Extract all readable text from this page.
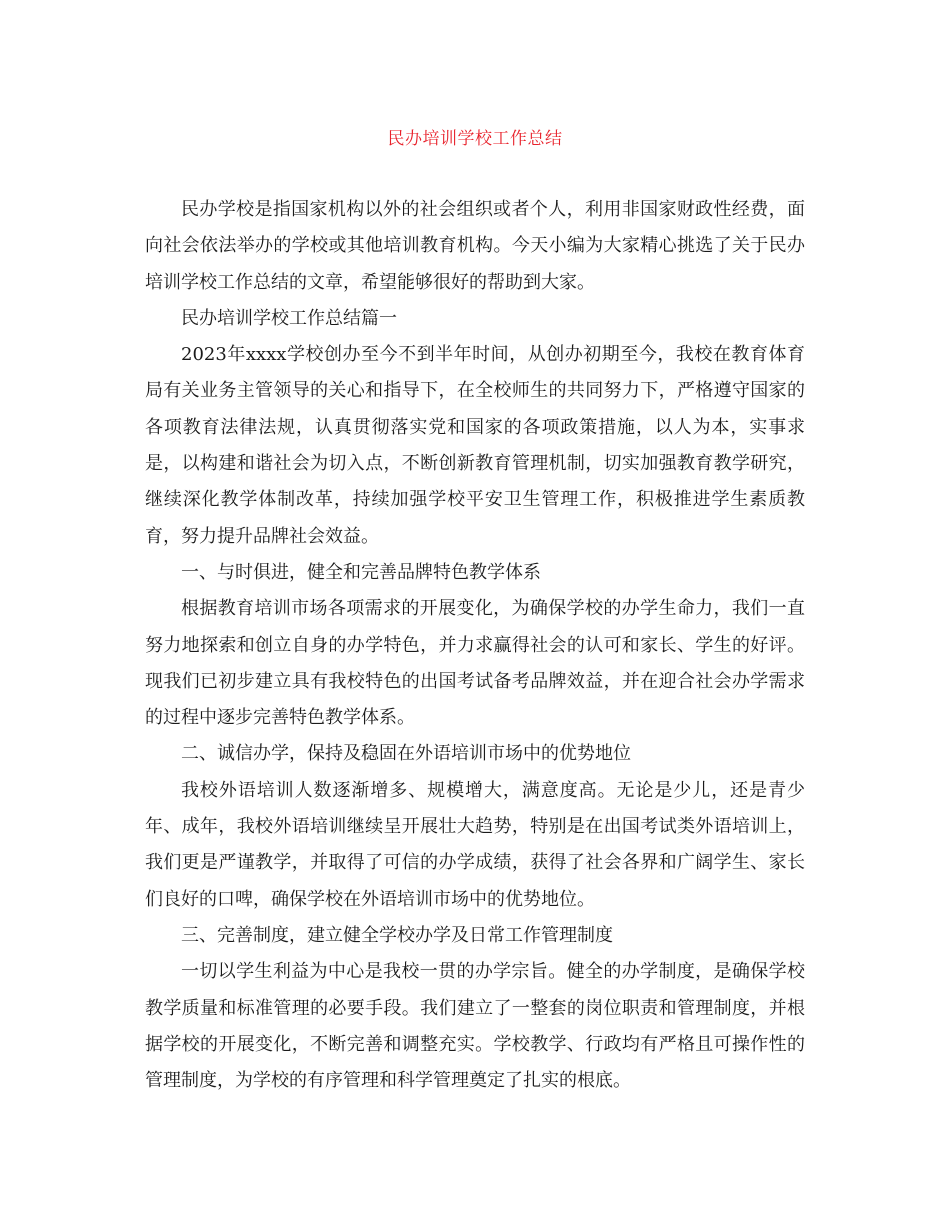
民办培训学校工作总结

民办学校是指国家机构以外的社会组织或者个人，利用非国家财政性经费，面向社会依法举办的学校或其他培训教育机构。今天小编为大家精心挑选了关于民办培训学校工作总结的文章，希望能够很好的帮助到大家。

民办培训学校工作总结篇一

2023年xxxx学校创办至今不到半年时间，从创办初期至今，我校在教育体育局有关业务主管领导的关心和指导下，在全校师生的共同努力下，严格遵守国家的各项教育法律法规，认真贯彻落实党和国家的各项政策措施，以人为本，实事求是，以构建和谐社会为切入点，不断创新教育管理机制，切实加强教育教学研究，继续深化教学体制改革，持续加强学校平安卫生管理工作，积极推进学生素质教育，努力提升品牌社会效益。

一、与时俱进，健全和完善品牌特色教学体系

根据教育培训市场各项需求的开展变化，为确保学校的办学生命力，我们一直努力地探索和创立自身的办学特色，并力求赢得社会的认可和家长、学生的好评。现我们已初步建立具有我校特色的出国考试备考品牌效益，并在迎合社会办学需求的过程中逐步完善特色教学体系。

二、诚信办学，保持及稳固在外语培训市场中的优势地位

我校外语培训人数逐渐增多、规模增大，满意度高。无论是少儿，还是青少年、成年，我校外语培训继续呈开展壮大趋势，特别是在出国考试类外语培训上，我们更是严谨教学，并取得了可信的办学成绩，获得了社会各界和广阔学生、家长们良好的口啤，确保学校在外语培训市场中的优势地位。

三、完善制度，建立健全学校办学及日常工作管理制度

一切以学生利益为中心是我校一贯的办学宗旨。健全的办学制度，是确保学校教学质量和标准管理的必要手段。我们建立了一整套的岗位职责和管理制度，并根据学校的开展变化，不断完善和调整充实。学校教学、行政均有严格且可操作性的管理制度，为学校的有序管理和科学管理奠定了扎实的根底。
